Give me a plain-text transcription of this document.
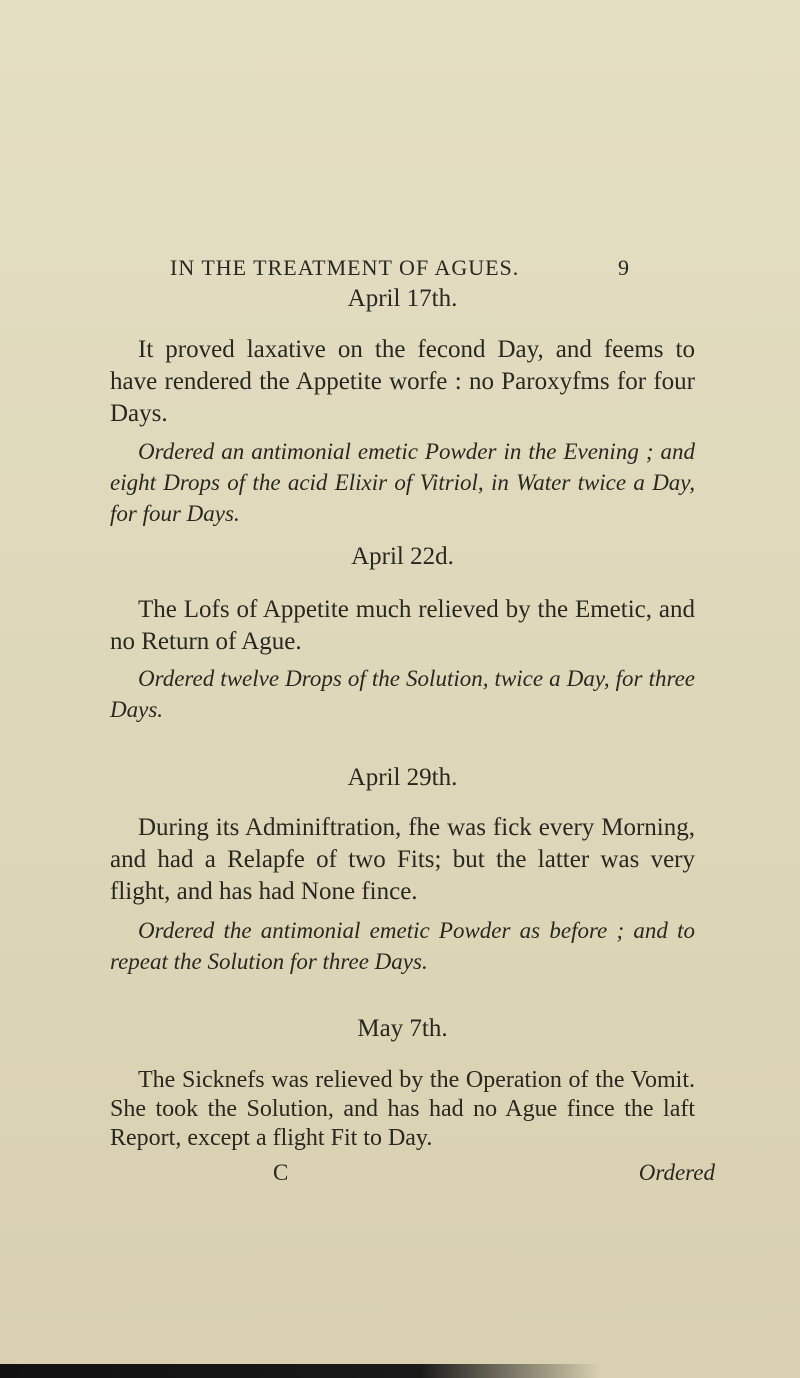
IN THE TREATMENT OF AGUES.	9
April 17th.

It proved laxative on the fecond Day, and feems to have rendered the Appetite worfe : no Paroxyfms for four Days.

Ordered an antimonial emetic Powder in the Evening ; and eight Drops of the acid Elixir of Vitriol, in Water twice a Day, for four Days.

April 22d.

The Lofs of Appetite much relieved by the Emetic, and no Return of Ague.

Ordered twelve Drops of the Solution, twice a Day, for three Days.

April 29th.

During its Adminiftration, fhe was fick every Morning, and had a Relapfe of two Fits; but the latter was very flight, and has had None fince.

Ordered the antimonial emetic Powder as before ; and to repeat the Solution for three Days.

May 7th.

The Sicknefs was relieved by the Operation of the Vomit. She took the Solution, and has had no Ague fince the laft Report, except a flight Fit to Day.

C	Ordered
